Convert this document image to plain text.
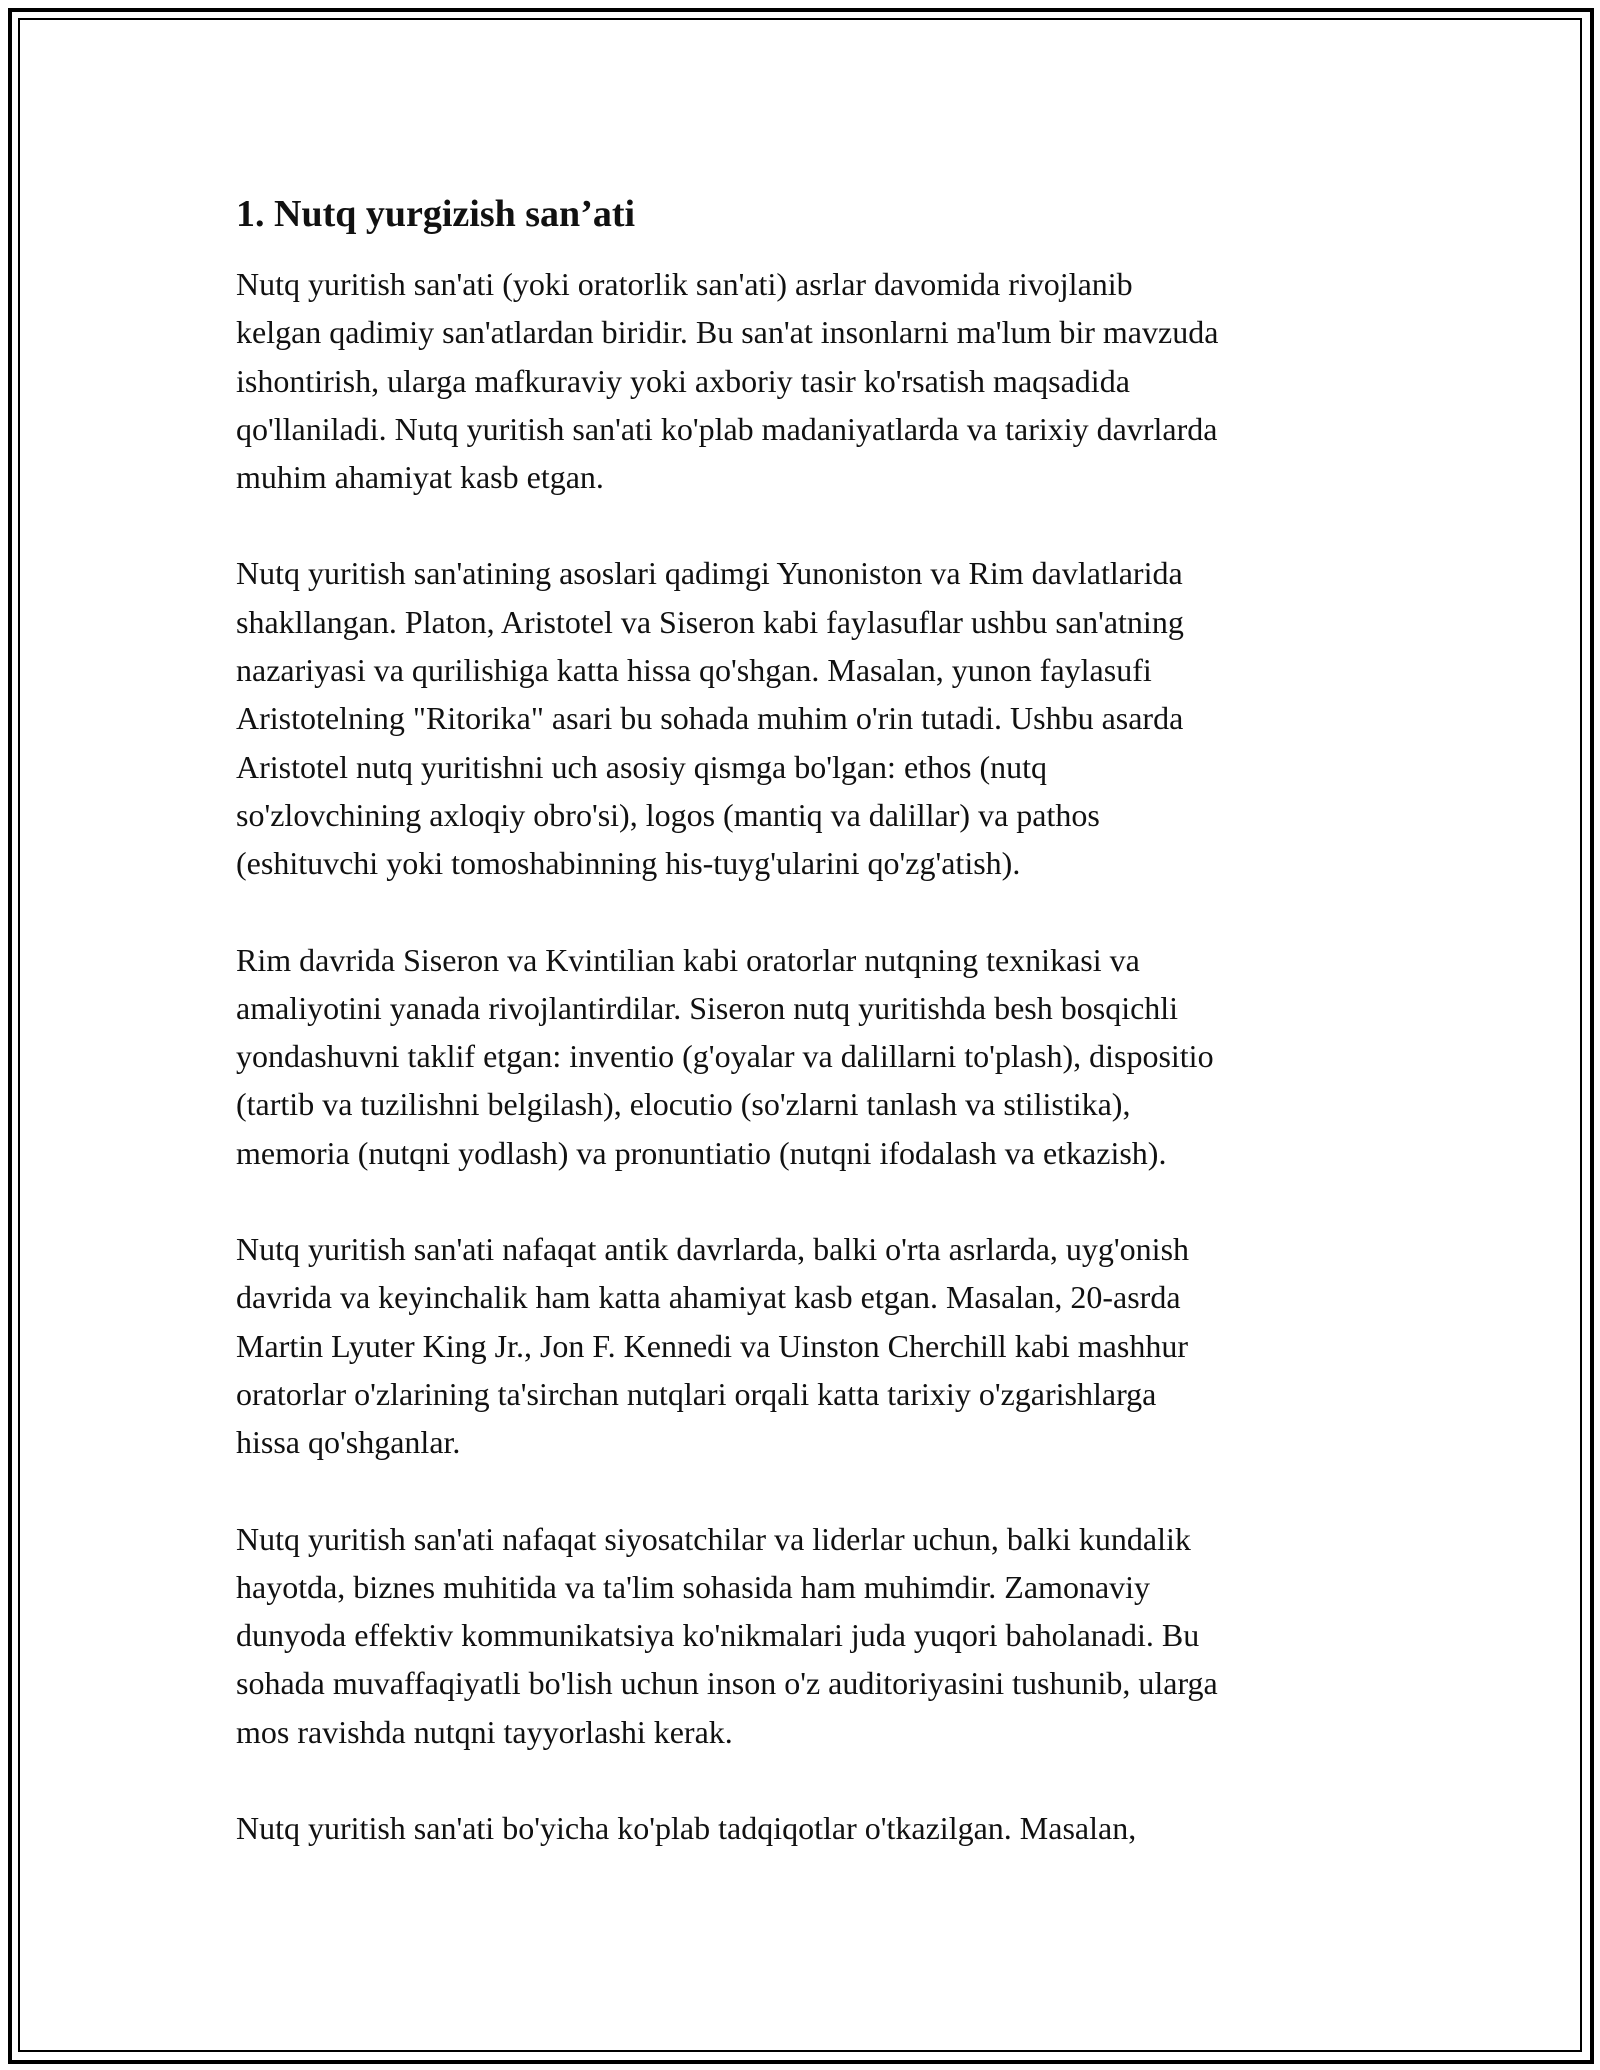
1. Nutq yurgizish san’ati
Nutq yuritish san'ati (yoki oratorlik san'ati) asrlar davomida rivojlanib
kelgan qadimiy san'atlardan biridir. Bu san'at insonlarni ma'lum bir mavzuda
ishontirish, ularga mafkuraviy yoki axboriy tasir ko'rsatish maqsadida
qo'llaniladi. Nutq yuritish san'ati ko'plab madaniyatlarda va tarixiy davrlarda
muhim ahamiyat kasb etgan.
Nutq yuritish san'atining asoslari qadimgi Yunoniston va Rim davlatlarida
shakllangan. Platon, Aristotel va Siseron kabi faylasuflar ushbu san'atning
nazariyasi va qurilishiga katta hissa qo'shgan. Masalan, yunon faylasufi
Aristotelning "Ritorika" asari bu sohada muhim o'rin tutadi. Ushbu asarda
Aristotel nutq yuritishni uch asosiy qismga bo'lgan: ethos (nutq
so'zlovchining axloqiy obro'si), logos (mantiq va dalillar) va pathos
(eshituvchi yoki tomoshabinning his-tuyg'ularini qo'zg'atish).
Rim davrida Siseron va Kvintilian kabi oratorlar nutqning texnikasi va
amaliyotini yanada rivojlantirdilar. Siseron nutq yuritishda besh bosqichli
yondashuvni taklif etgan: inventio (g'oyalar va dalillarni to'plash), dispositio
(tartib va tuzilishni belgilash), elocutio (so'zlarni tanlash va stilistika),
memoria (nutqni yodlash) va pronuntiatio (nutqni ifodalash va etkazish).
Nutq yuritish san'ati nafaqat antik davrlarda, balki o'rta asrlarda, uyg'onish
davrida va keyinchalik ham katta ahamiyat kasb etgan. Masalan, 20-asrda
Martin Lyuter King Jr., Jon F. Kennedi va Uinston Cherchill kabi mashhur
oratorlar o'zlarining ta'sirchan nutqlari orqali katta tarixiy o'zgarishlarga
hissa qo'shganlar.
Nutq yuritish san'ati nafaqat siyosatchilar va liderlar uchun, balki kundalik
hayotda, biznes muhitida va ta'lim sohasida ham muhimdir. Zamonaviy
dunyoda effektiv kommunikatsiya ko'nikmalari juda yuqori baholanadi. Bu
sohada muvaffaqiyatli bo'lish uchun inson o'z auditoriyasini tushunib, ularga
mos ravishda nutqni tayyorlashi kerak.
Nutq yuritish san'ati bo'yicha ko'plab tadqiqotlar o'tkazilgan. Masalan,
